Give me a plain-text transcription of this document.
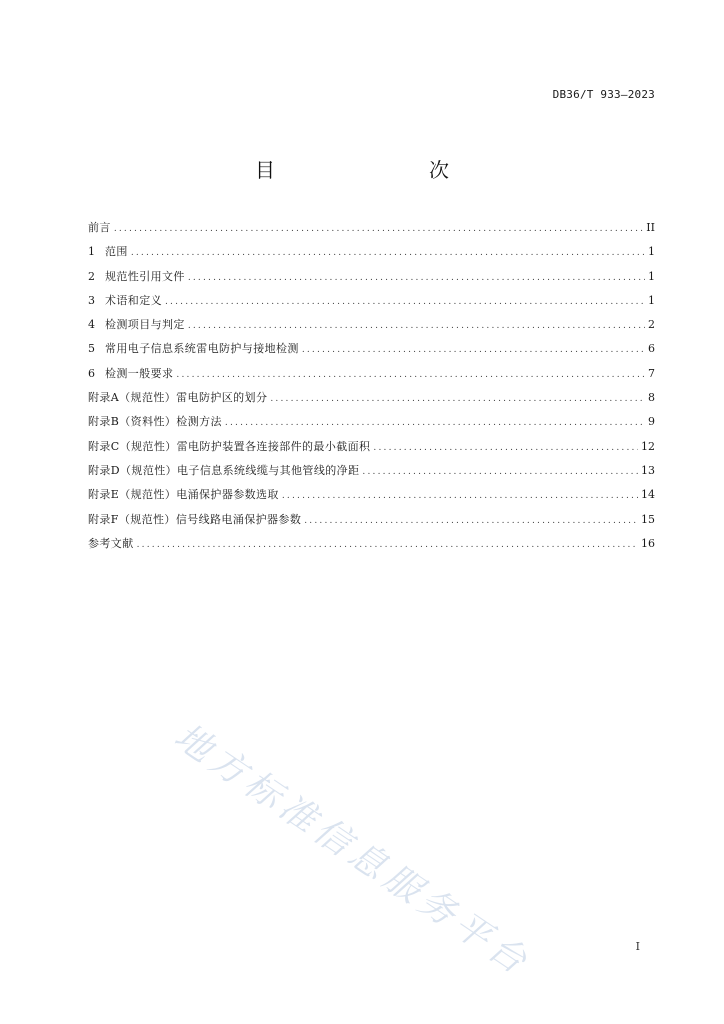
DB36/T 933—2023
目　　次
前言 .....	II
1 范围 .....	1
2 规范性引用文件 .....	1
3 术语和定义 .....	1
4 检测项目与判定 .....	2
5 常用电子信息系统雷电防护与接地检测 .....	6
6 检测一般要求 .....	7
附录A（规范性）雷电防护区的划分 .....	8
附录B（资料性）检测方法 .....	9
附录C（规范性）雷电防护装置各连接部件的最小截面积 .....	12
附录D（规范性）电子信息系统线缆与其他管线的净距 .....	13
附录E（规范性）电涌保护器参数选取 .....	14
附录F（规范性）信号线路电涌保护器参数 .....	15
参考文献 .....	16
地方标准信息服务平台	I
